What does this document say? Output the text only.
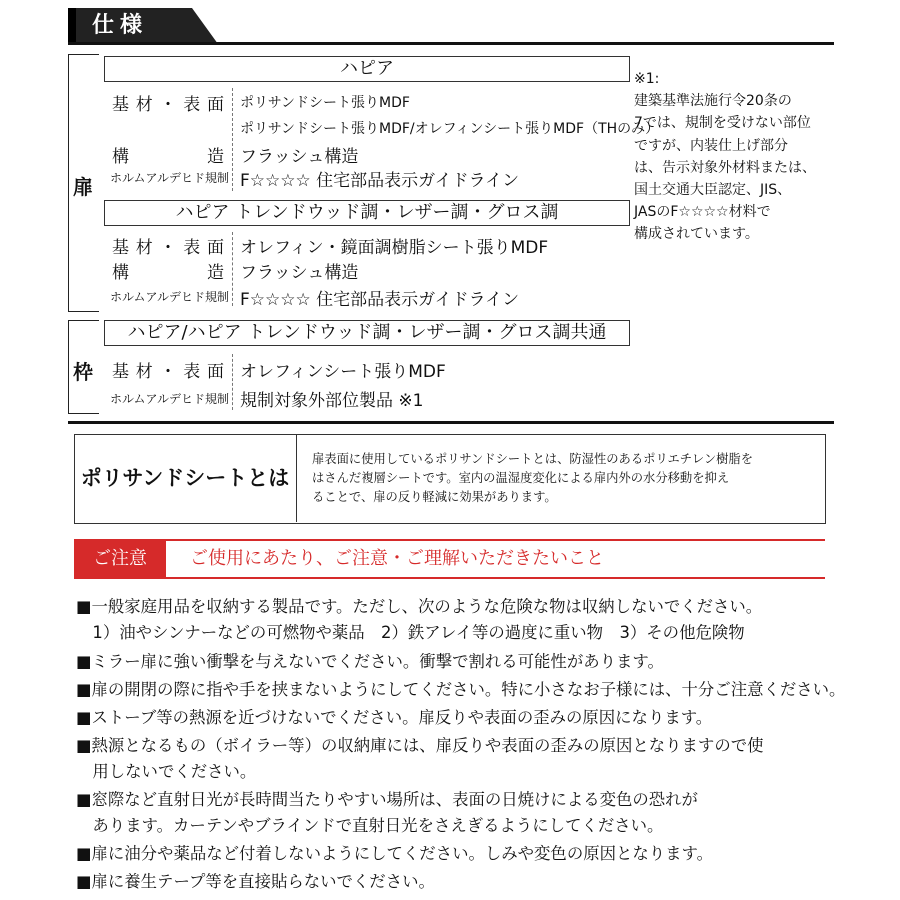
仕様
扉
ハピア
基材・表面 ポリサンドシート張りMDF
ポリサンドシート張りMDF/オレフィンシート張りMDF（THのみ）
構造 フラッシュ構造
ホルムアルデヒド規制 F☆☆☆☆ 住宅部品表示ガイドライン
ハピア トレンドウッド調・レザー調・グロス調
基材・表面 オレフィン・鏡面調樹脂シート張りMDF
構造 フラッシュ構造
ホルムアルデヒド規制 F☆☆☆☆ 住宅部品表示ガイドライン
枠
ハピア/ハピア トレンドウッド調・レザー調・グロス調共通
基材・表面 オレフィンシート張りMDF
ホルムアルデヒド規制 規制対象外部位製品 ※1
※1:
建築基準法施行令20条の
7では、規制を受けない部位
ですが、内装仕上げ部分
は、告示対象外材料または、
国土交通大臣認定、JIS、
JASのF☆☆☆☆材料で
構成されています。
ポリサンドシートとは
扉表面に使用しているポリサンドシートとは、防湿性のあるポリエチレン樹脂を
はさんだ複層シートです。室内の温湿度変化による扉内外の水分移動を抑え
ることで、扉の反り軽減に効果があります。
ご注意	ご使用にあたり、ご注意・ご理解いただきたいこと
■一般家庭用品を収納する製品です。ただし、次のような危険な物は収納しないでください。
　1）油やシンナーなどの可燃物や薬品　2）鉄アレイ等の過度に重い物　3）その他危険物
■ミラー扉に強い衝撃を与えないでください。衝撃で割れる可能性があります。
■扉の開閉の際に指や手を挟まないようにしてください。特に小さなお子様には、十分ご注意ください。
■ストーブ等の熱源を近づけないでください。扉反りや表面の歪みの原因になります。
■熱源となるもの（ボイラー等）の収納庫には、扉反りや表面の歪みの原因となりますので使
　用しないでください。
■窓際など直射日光が長時間当たりやすい場所は、表面の日焼けによる変色の恐れが
　あります。カーテンやブラインドで直射日光をさえぎるようにしてください。
■扉に油分や薬品など付着しないようにしてください。しみや変色の原因となります。
■扉に養生テープ等を直接貼らないでください。
